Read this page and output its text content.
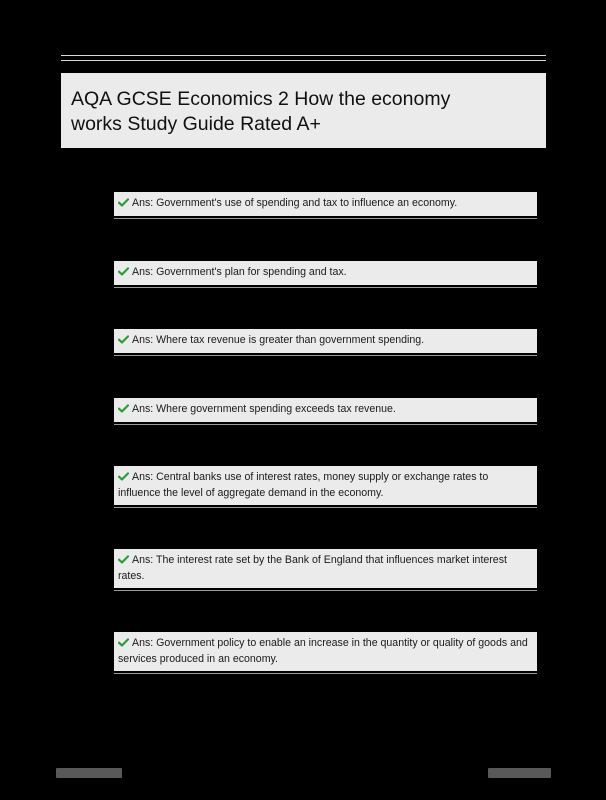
AQA GCSE Economics 2 How the economy
works Study Guide Rated A+
Ans: Government's use of spending and tax to influence an economy.
Ans: Government's plan for spending and tax.
Ans: Where tax revenue is greater than government spending.
Ans: Where government spending exceeds tax revenue.
Ans: Central banks use of interest rates, money supply or exchange rates to influence the level of aggregate demand in the economy.
Ans: The interest rate set by the Bank of England that influences market interest rates.
Ans: Government policy to enable an increase in the quantity or quality of goods and services produced in an economy.
